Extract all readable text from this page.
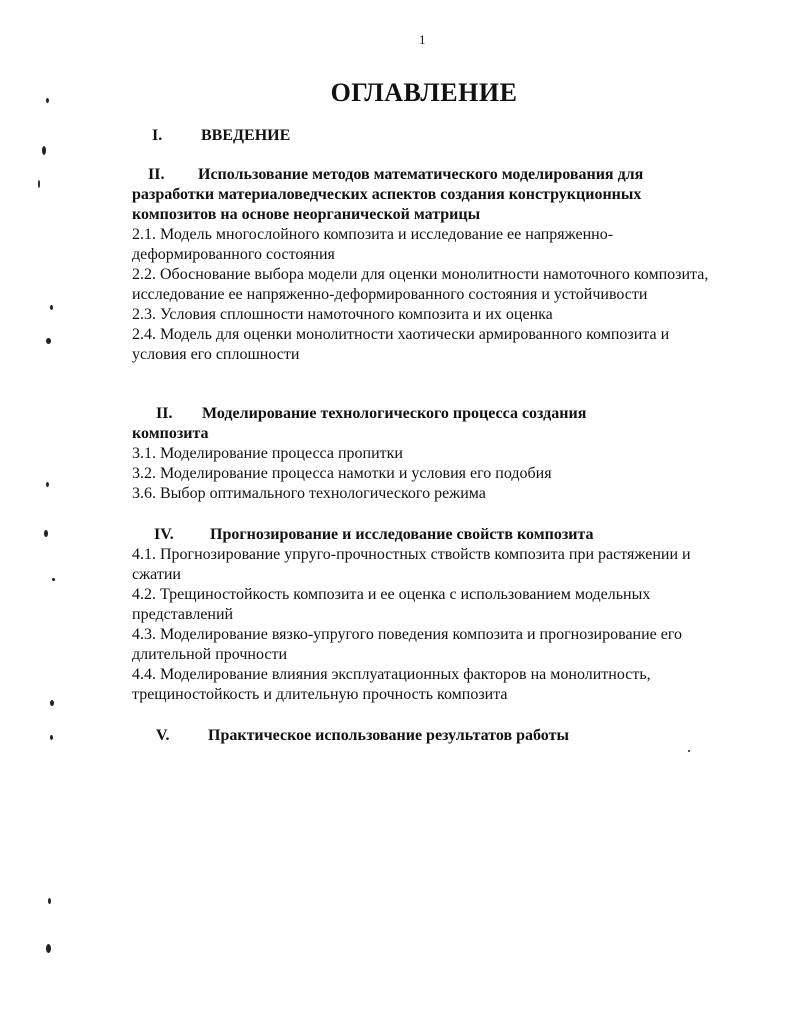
1
ОГЛАВЛЕНИЕ
I. ВВЕДЕНИЕ
II. Использование методов математического моделирования для
разработки материаловедческих аспектов создания конструкционных композитов на основе неорганической матрицы

2.1. Модель многослойного композита и исследование ее напряженно-деформированного состояния

2.2. Обоснование выбора модели для оценки монолитности намоточного композита, исследование ее напряженно-деформированного состояния и устойчивости

2.3. Условия сплошности намоточного композита и их оценка

2.4. Модель для оценки монолитности хаотически армированного композита и условия его сплошности

II. Моделирование технологического процесса создания
композита

3.1. Моделирование процесса пропитки

3.2. Моделирование процесса намотки и условия его подобия

3.6. Выбор оптимального технологического режима

IV. Прогнозирование и исследование свойств композита

4.1. Прогнозирование упруго-прочностных ствойств композита при растяжении и сжатии

4.2. Трещиностойкость композита и ее оценка с использованием модельных представлений

4.3. Моделирование вязко-упругого поведения композита и прогнозирование его длительной прочности

4.4. Моделирование влияния эксплуатационных факторов на монолитность, трещиностойкость и длительную прочность композита

V. Практическое использование результатов работы
